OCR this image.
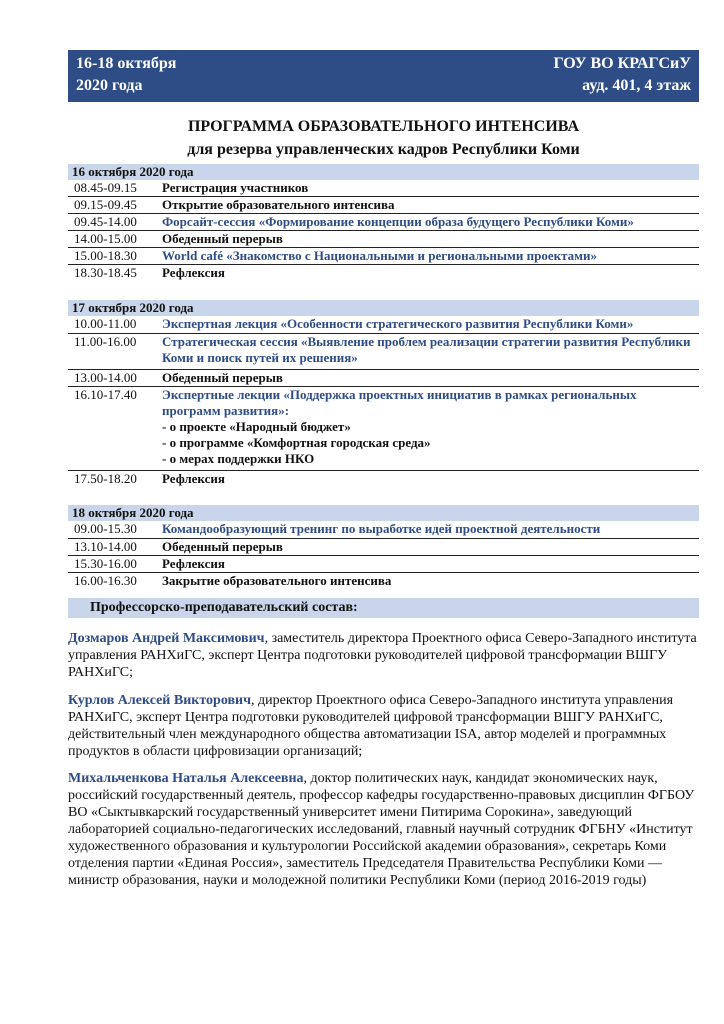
16-18 октября
2020 года
ГОУ ВО КРАГСиУ
ауд. 401, 4 этаж
ПРОГРАММА ОБРАЗОВАТЕЛЬНОГО ИНТЕНСИВА
для резерва управленческих кадров Республики Коми
16 октября 2020 года
08.45-09.15 Регистрация участников
09.15-09.45 Открытие образовательного интенсива
09.45-14.00 Форсайт-сессия «Формирование концепции образа будущего Республики Коми»
14.00-15.00 Обеденный перерыв
15.00-18.30 World café «Знакомство с Национальными и региональными проектами»
18.30-18.45 Рефлексия
17 октября 2020 года
10.00-11.00 Экспертная лекция «Особенности стратегического развития Республики Коми»
11.00-16.00 Стратегическая сессия «Выявление проблем реализации стратегии развития Республики Коми и поиск путей их решения»
13.00-14.00 Обеденный перерыв
16.10-17.40 Экспертные лекции «Поддержка проектных инициатив в рамках региональных программ развития»:
- о проекте «Народный бюджет»
- о программе «Комфортная городская среда»
- о мерах поддержки НКО
17.50-18.20 Рефлексия
18 октября 2020 года
09.00-15.30 Командообразующий тренинг по выработке идей проектной деятельности
13.10-14.00 Обеденный перерыв
15.30-16.00 Рефлексия
16.00-16.30 Закрытие образовательного интенсива
Профессорско-преподавательский состав:
Дозмаров Андрей Максимович, заместитель директора Проектного офиса Северо-Западного института управления РАНХиГС, эксперт Центра подготовки руководителей цифровой трансформации ВШГУ РАНХиГС;
Курлов Алексей Викторович, директор Проектного офиса Северо-Западного института управления РАНХиГС, эксперт Центра подготовки руководителей цифровой трансформации ВШГУ РАНХиГС, действительный член международного общества автоматизации ISA, автор моделей и программных продуктов в области цифровизации организаций;
Михальченкова Наталья Алексеевна, доктор политических наук, кандидат экономических наук, российский государственный деятель, профессор кафедры государственно-правовых дисциплин ФГБОУ ВО «Сыктывкарский государственный университет имени Питирима Сорокина», заведующий лабораторией социально-педагогических исследований, главный научный сотрудник ФГБНУ «Институт художественного образования и культурологии Российской академии образования», секретарь Коми отделения партии «Единая Россия», заместитель Председателя Правительства Республики Коми — министр образования, науки и молодежной политики Республики Коми (период 2016-2019 годы)
